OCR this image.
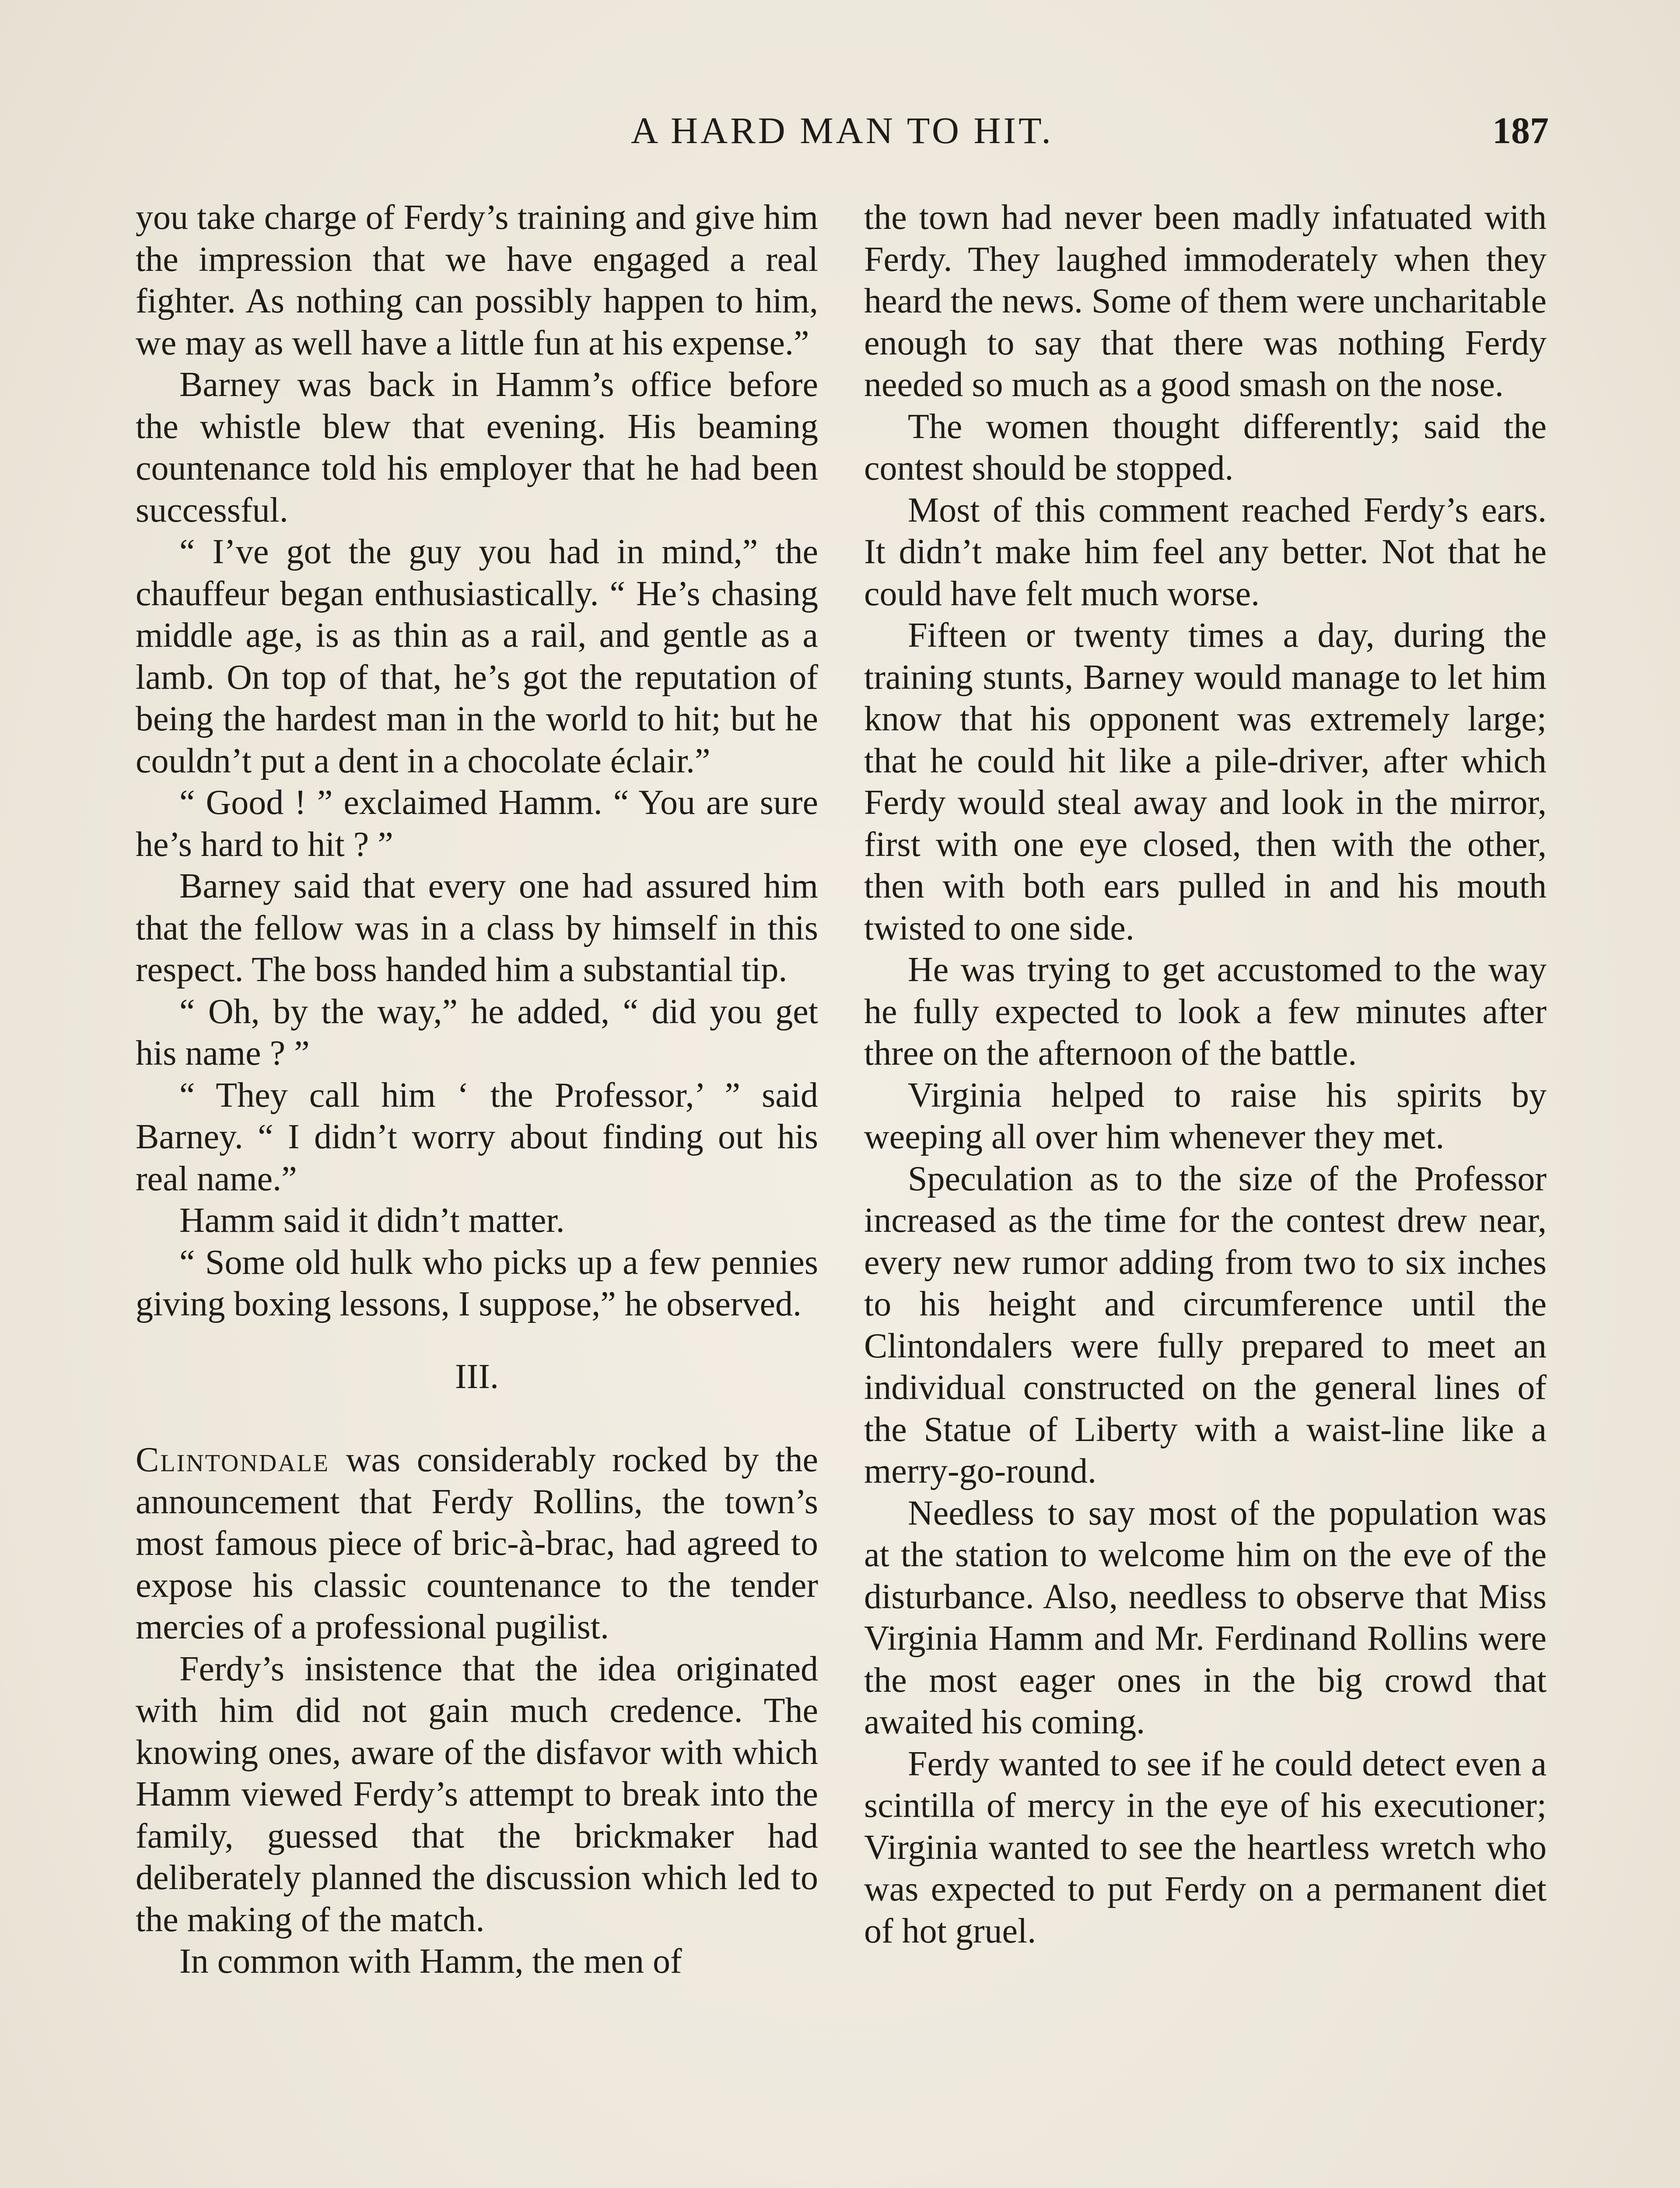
A HARD MAN TO HIT.	187

you take charge of Ferdy’s training and give him the impression that we have engaged a real fighter. As nothing can possibly happen to him, we may as well have a little fun at his expense.”

Barney was back in Hamm’s office before the whistle blew that evening. His beaming countenance told his employer that he had been successful.

“ I’ve got the guy you had in mind,” the chauffeur began enthusiastically. “ He’s chasing middle age, is as thin as a rail, and gentle as a lamb. On top of that, he’s got the reputation of being the hardest man in the world to hit; but he couldn’t put a dent in a chocolate éclair.”

“ Good ! ” exclaimed Hamm. “ You are sure he’s hard to hit ? ”

Barney said that every one had assured him that the fellow was in a class by himself in this respect. The boss handed him a substantial tip.

“ Oh, by the way,” he added, “ did you get his name ? ”

“ They call him ‘ the Professor,’ ” said Barney. “ I didn’t worry about finding out his real name.”

Hamm said it didn’t matter.

“ Some old hulk who picks up a few pennies giving boxing lessons, I suppose,” he observed.

III.

Clintondale was considerably rocked by the announcement that Ferdy Rollins, the town’s most famous piece of bric-à-brac, had agreed to expose his classic countenance to the tender mercies of a professional pugilist.

Ferdy’s insistence that the idea originated with him did not gain much credence. The knowing ones, aware of the disfavor with which Hamm viewed Ferdy’s attempt to break into the family, guessed that the brickmaker had deliberately planned the discussion which led to the making of the match.

In common with Hamm, the men of

the town had never been madly infatuated with Ferdy. They laughed immoderately when they heard the news. Some of them were uncharitable enough to say that there was nothing Ferdy needed so much as a good smash on the nose.

The women thought differently; said the contest should be stopped.

Most of this comment reached Ferdy’s ears. It didn’t make him feel any better. Not that he could have felt much worse.

Fifteen or twenty times a day, during the training stunts, Barney would manage to let him know that his opponent was extremely large; that he could hit like a pile-driver, after which Ferdy would steal away and look in the mirror, first with one eye closed, then with the other, then with both ears pulled in and his mouth twisted to one side.

He was trying to get accustomed to the way he fully expected to look a few minutes after three on the afternoon of the battle.

Virginia helped to raise his spirits by weeping all over him whenever they met.

Speculation as to the size of the Professor increased as the time for the contest drew near, every new rumor adding from two to six inches to his height and circumference until the Clintondalers were fully prepared to meet an individual constructed on the general lines of the Statue of Liberty with a waist-line like a merry-go-round.

Needless to say most of the population was at the station to welcome him on the eve of the disturbance. Also, needless to observe that Miss Virginia Hamm and Mr. Ferdinand Rollins were the most eager ones in the big crowd that awaited his coming.

Ferdy wanted to see if he could detect even a scintilla of mercy in the eye of his executioner; Virginia wanted to see the heartless wretch who was expected to put Ferdy on a permanent diet of hot gruel.
